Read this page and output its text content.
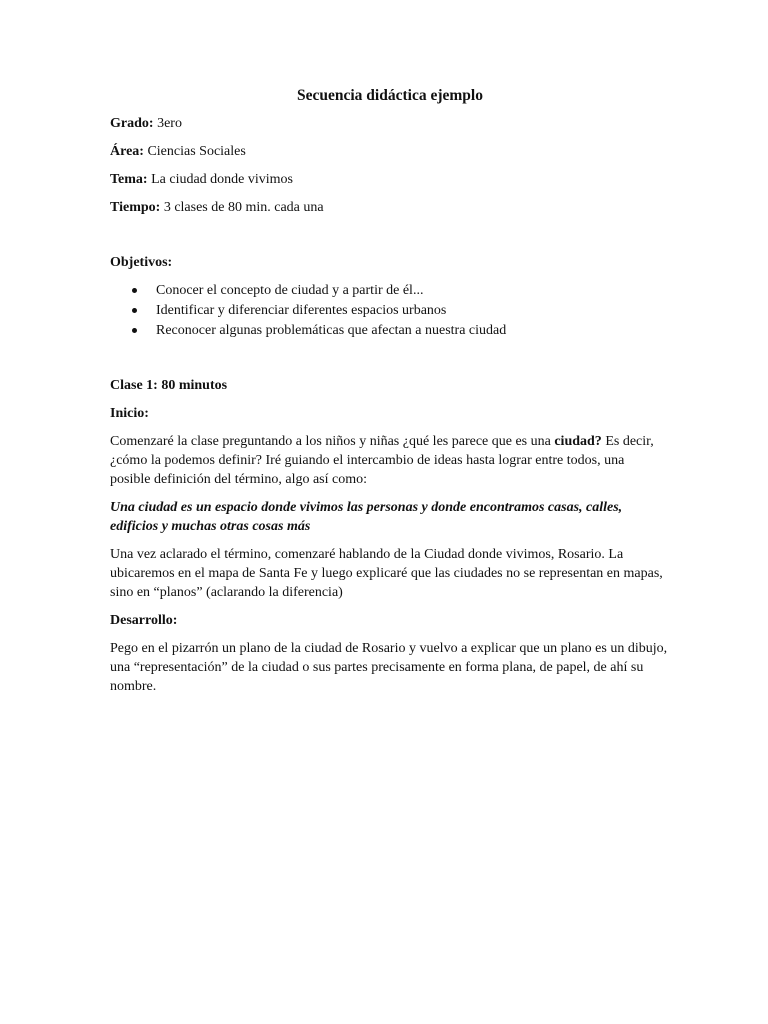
Secuencia didáctica ejemplo
Grado: 3ero
Área: Ciencias Sociales
Tema: La ciudad donde vivimos
Tiempo: 3 clases de 80 min. cada una
Objetivos:
Conocer el concepto de ciudad y a partir de él...
Identificar y diferenciar diferentes espacios urbanos
Reconocer algunas problemáticas que afectan a nuestra ciudad
Clase 1: 80 minutos
Inicio:

Comenzaré la clase preguntando a los niños y niñas ¿qué les parece que es una ciudad? Es decir, ¿cómo la podemos definir? Iré guiando el intercambio de ideas hasta lograr entre todos, una posible definición del término, algo así como:

Una ciudad es un espacio donde vivimos las personas y donde encontramos casas, calles, edificios y muchas otras cosas más

Una vez aclarado el término, comenzaré hablando de la Ciudad donde vivimos, Rosario. La ubicaremos en el mapa de Santa Fe y luego explicaré que las ciudades no se representan en mapas, sino en “planos” (aclarando la diferencia)

Desarrollo:

Pego en el pizarrón un plano de la ciudad de Rosario y vuelvo a explicar que un plano es un dibujo, una “representación” de la ciudad o sus partes precisamente en forma plana, de papel, de ahí su nombre.
